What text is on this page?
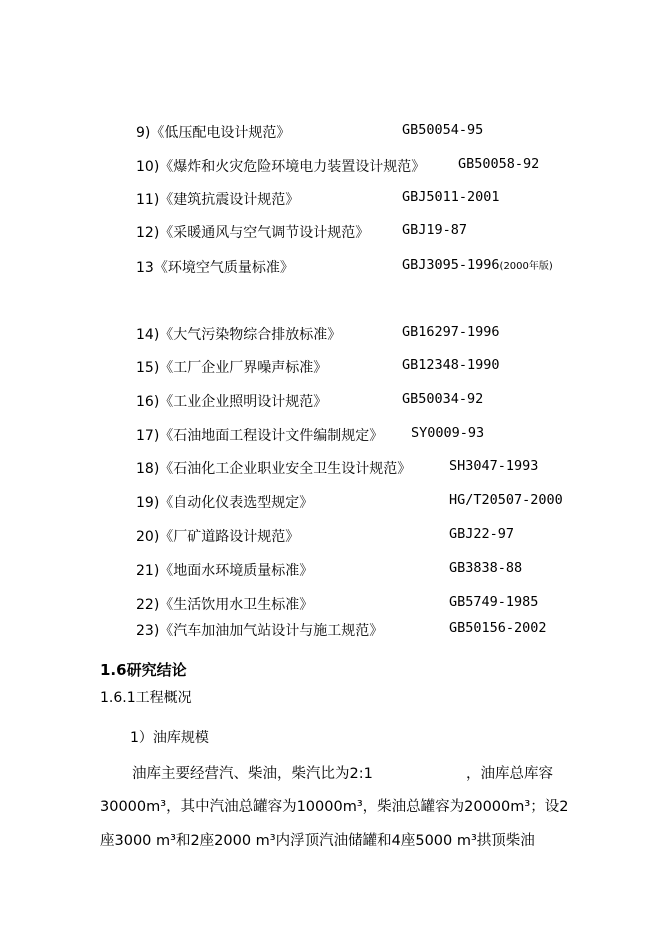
9)《低压配电设计规范》	GB50054-95
10)《爆炸和火灾危险环境电力装置设计规范》 GB50058-92
11)《建筑抗震设计规范》	GBJ5011-2001
12)《采暖通风与空气调节设计规范》 GBJ19-87
13《环境空气质量标准》	GBJ3095-1996(2000年版)
14)《大气污染物综合排放标准》	GB16297-1996
15)《工厂企业厂界噪声标准》	GB12348-1990
16)《工业企业照明设计规范》	GB50034-92
17)《石油地面工程设计文件编制规定》 SY0009-93
18)《石油化工企业职业安全卫生设计规范》	SH3047-1993
19)《自动化仪表选型规定》	HG/T20507-2000
20)《厂矿道路设计规范》	GBJ22-97
21)《地面水环境质量标准》	GB3838-88
22)《生活饮用水卫生标准》	GB5749-1985
23)《汽车加油加气站设计与施工规范》	GB50156-2002
1.6研究结论
1.6.1工程概况
1）油库规模
油库主要经营汽、柴油，柴汽比为2:1	，油库总库容
30000m³，其中汽油总罐容为10000m³，柴油总罐容为20000m³；设2
座3000 m³和2座2000 m³内浮顶汽油储罐和4座5000 m³拱顶柴油
